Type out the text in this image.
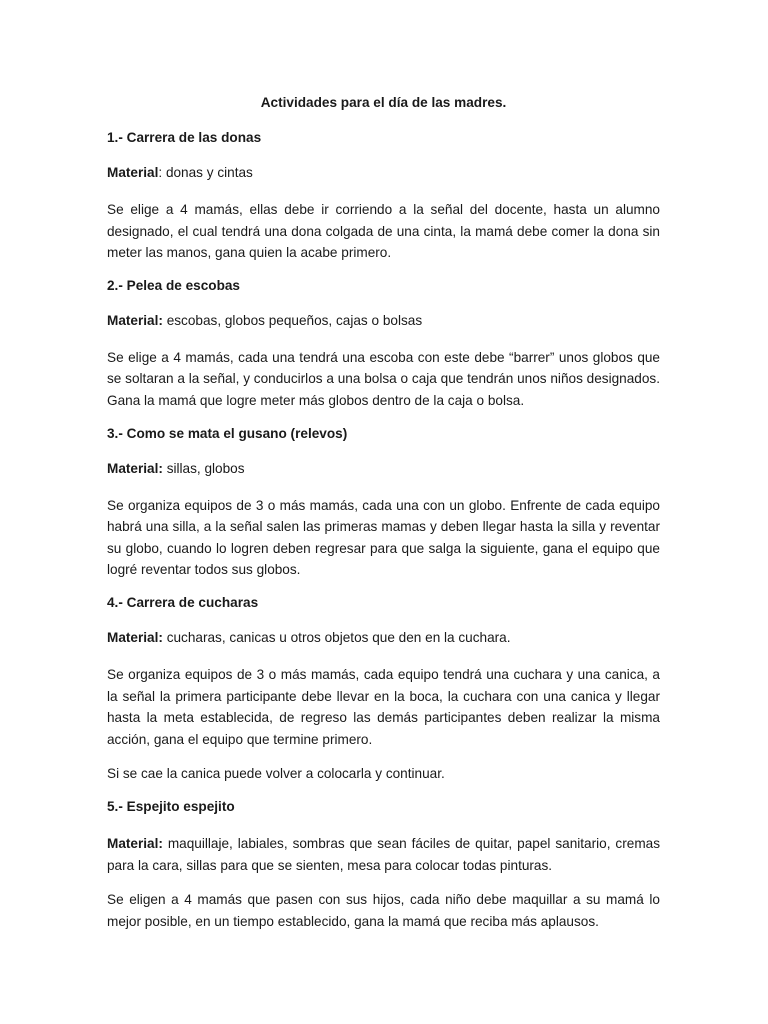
Actividades para el día de las madres.
1.- Carrera de las donas
Material: donas y cintas
Se elige a 4 mamás, ellas debe ir corriendo a la señal del docente, hasta un alumno designado, el cual tendrá una dona colgada de una cinta, la mamá debe comer la dona sin meter las manos, gana quien la acabe primero.
2.- Pelea de escobas
Material: escobas, globos pequeños, cajas o bolsas
Se elige a 4 mamás, cada una tendrá una escoba con este debe “barrer” unos globos que se soltaran a la señal, y conducirlos a una bolsa o caja que tendrán unos niños designados. Gana la mamá que logre meter más globos dentro de la caja o bolsa.
3.- Como se mata el gusano (relevos)
Material: sillas, globos
Se organiza equipos de 3 o más mamás, cada una con un globo. Enfrente de cada equipo habrá una silla, a la señal salen las primeras mamas y deben llegar hasta la silla y reventar su globo, cuando lo logren deben regresar para que salga la siguiente, gana el equipo que logré reventar todos sus globos.
4.- Carrera de cucharas
Material: cucharas, canicas u otros objetos que den en la cuchara.
Se organiza equipos de 3 o más mamás, cada equipo tendrá una cuchara y una canica, a la señal la primera participante debe llevar en la boca, la cuchara con una canica y llegar hasta la meta establecida, de regreso las demás participantes deben realizar la misma acción, gana el equipo que termine primero.
Si se cae la canica puede volver a colocarla y continuar.
5.- Espejito espejito
Material: maquillaje, labiales, sombras que sean fáciles de quitar, papel sanitario, cremas para la cara, sillas para que se sienten, mesa para colocar todas pinturas.
Se eligen a 4 mamás que pasen con sus hijos, cada niño debe maquillar a su mamá lo mejor posible, en un tiempo establecido, gana la mamá que reciba más aplausos.
